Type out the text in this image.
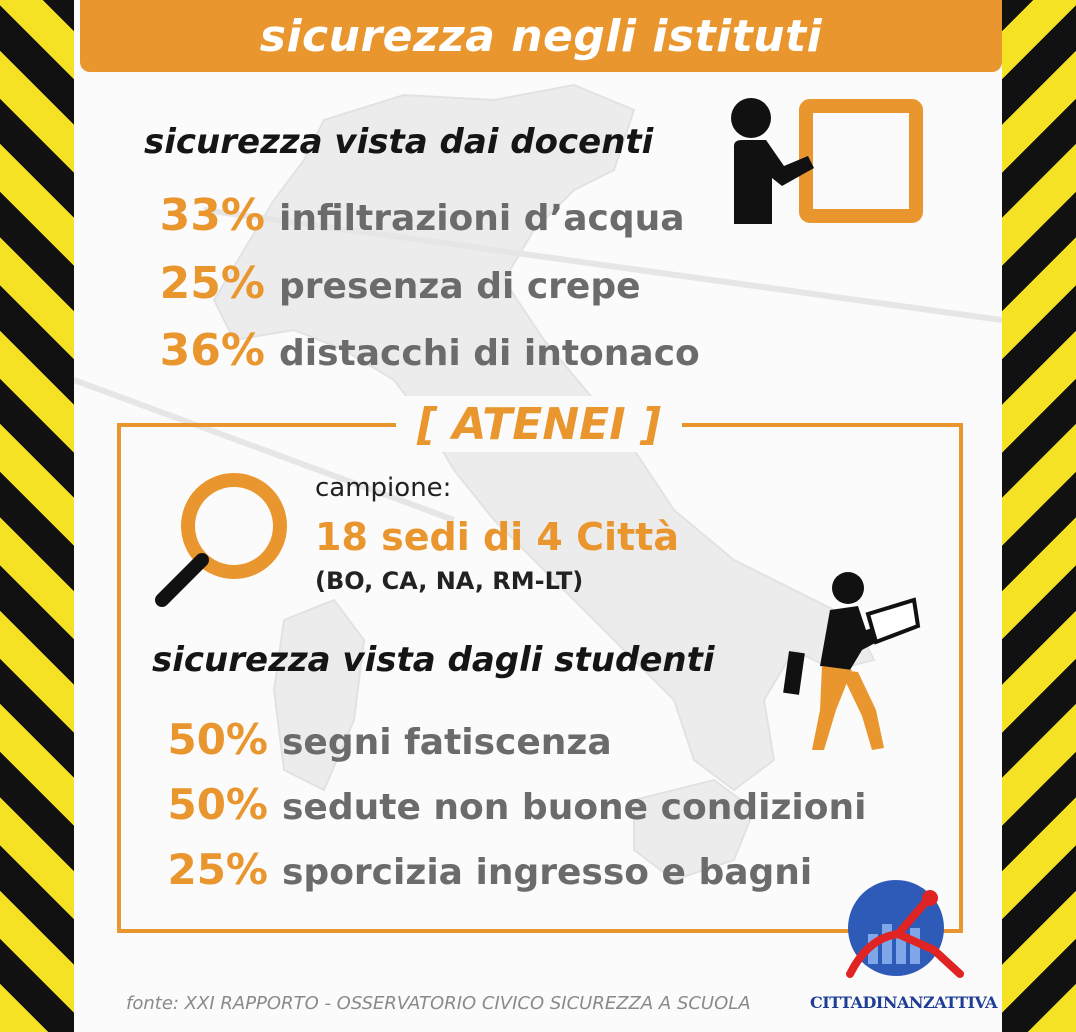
sicurezza negli istituti
sicurezza vista dai docenti
33% infiltrazioni d’acqua
25% presenza di crepe
36% distacchi di intonaco
[ ATENEI ]
campione:
18 sedi di 4 Città
(BO, CA, NA, RM-LT)
sicurezza vista dagli studenti
50% segni fatiscenza
50% sedute non buone condizioni
25% sporcizia ingresso e bagni
fonte: XXI RAPPORTO - OSSERVATORIO CIVICO SICUREZZA A SCUOLA	CITTADINANZATTIVA
